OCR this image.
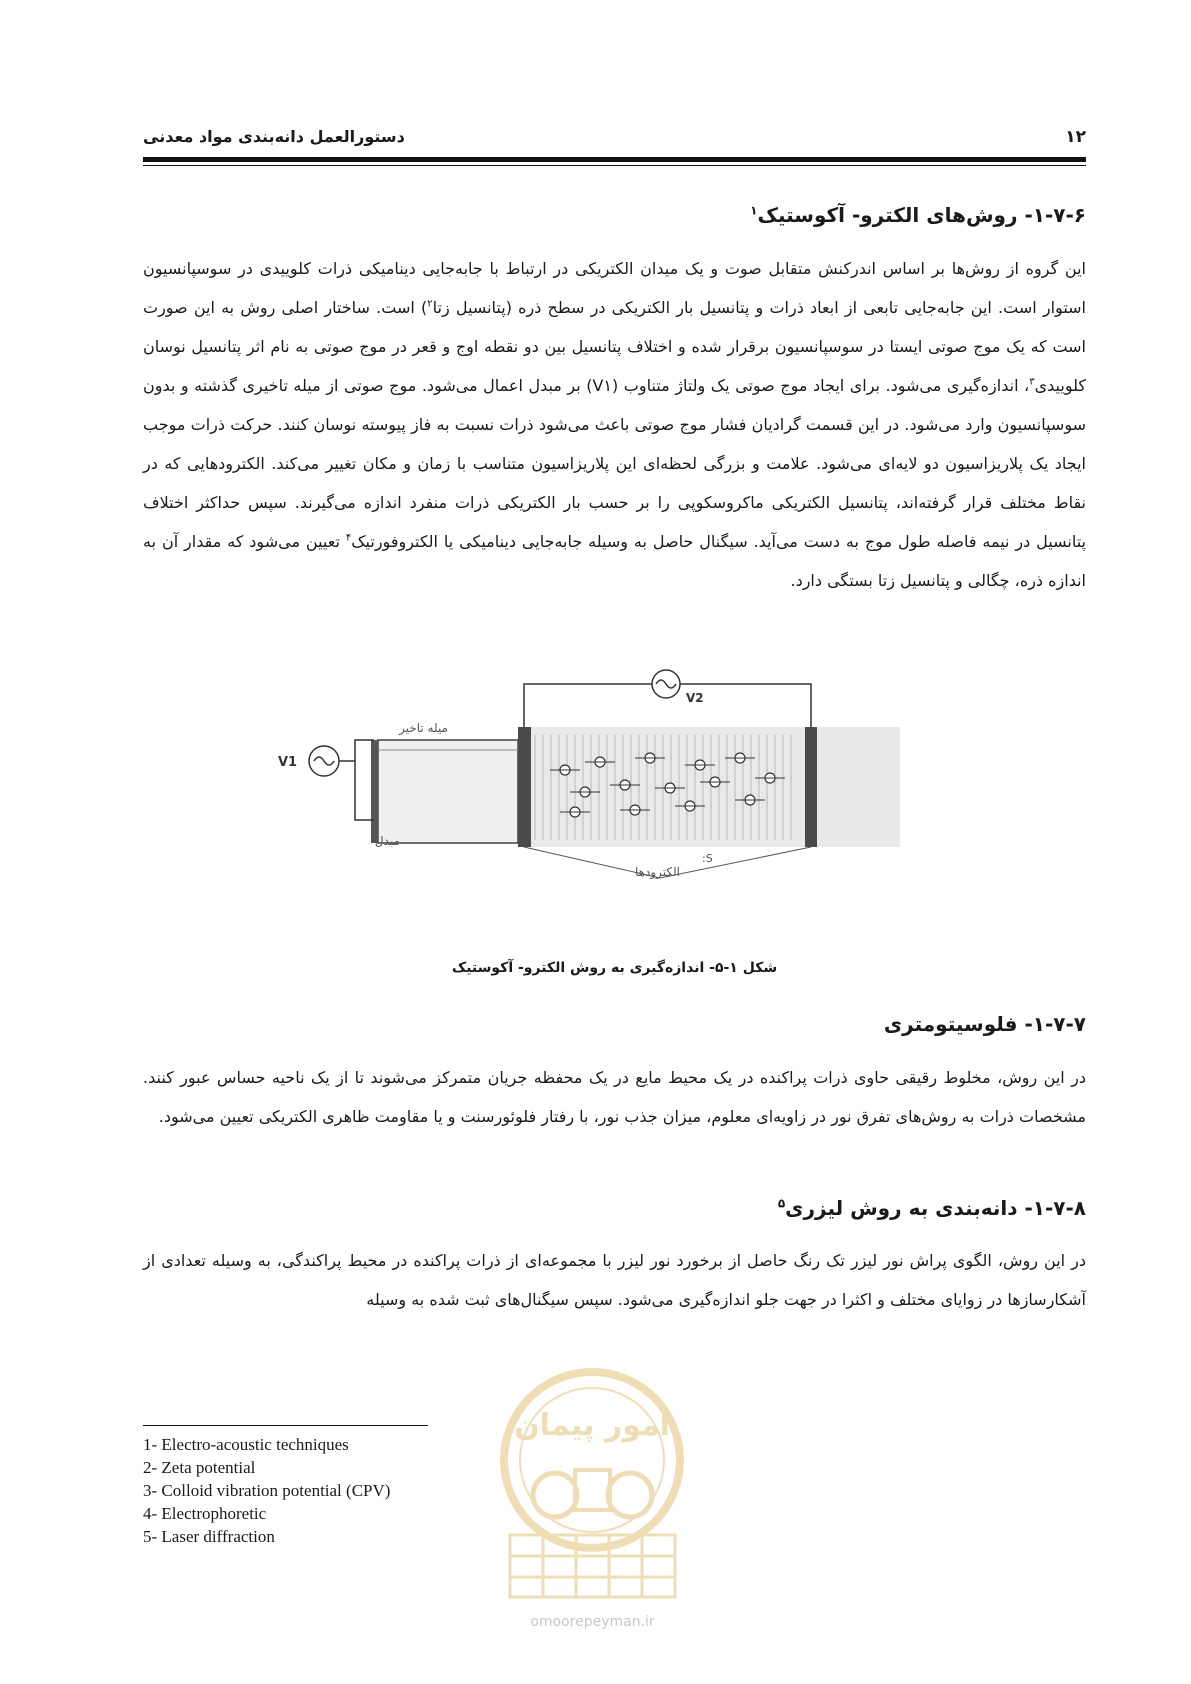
۱۲
دستورالعمل دانه‌بندی مواد معدنی
۱-۷-۶- روش‌های الکترو- آکوستیک$^۱$
این گروه از روش‌ها بر اساس اندرکنش متقابل صوت و یک میدان الکتریکی در ارتباط با جابه‌جایی دینامیکی ذرات کلوییدی در سوسپانسیون استوار است. این جابه‌جایی تابعی از ابعاد ذرات و پتانسیل بار الکتریکی در سطح ذره (پتانسیل زتا$^۲$) است. ساختار اصلی روش به این صورت است که یک موج صوتی ایستا در سوسپانسیون برقرار شده و اختلاف پتانسیل بین دو نقطه اوج و قعر در موج صوتی به نام اثر پتانسیل نوسان کلوییدی$^۳$، اندازه‌گیری می‌شود. برای ایجاد موج صوتی یک ولتاژ متناوب (V۱) بر مبدل اعمال می‌شود. موج صوتی از میله تاخیری گذشته و بدون سوسپانسیون وارد می‌شود. در این قسمت گرادیان فشار موج صوتی باعث می‌شود ذرات نسبت به فاز پیوسته نوسان کنند. حرکت ذرات موجب ایجاد یک پلاریزاسیون دو لایه‌ای می‌شود. علامت و بزرگی لحظه‌ای این پلاریزاسیون متناسب با زمان و مکان تغییر می‌کند. الکترودهایی که در نقاط مختلف قرار گرفته‌اند، پتانسیل الکتریکی ماکروسکوپی را بر حسب بار الکتریکی ذرات منفرد اندازه می‌گیرند. سپس حداکثر اختلاف پتانسیل در نیمه فاصله طول موج به دست می‌آید. سیگنال حاصل به وسیله جابه‌جایی دینامیکی یا الکتروفورتیک$^۴$ تعیین می‌شود که مقدار آن به اندازه ذره، چگالی و پتانسیل زتا بستگی دارد.
V1
V2
میله تاخیر
مبدل
الکترودها
:S
شکل ۱-۵- اندازه‌گیری به روش الکترو- آکوستیک
۱-۷-۷- فلوسیتومتری
در این روش، مخلوط رقیقی حاوی ذرات پراکنده در یک محیط مایع در یک محفظه جریان متمرکز می‌شوند تا از یک ناحیه حساس عبور کنند. مشخصات ذرات به روش‌های تفرق نور در زاویه‌ای معلوم، میزان جذب نور، با رفتار فلوئورسنت و یا مقاومت ظاهری الکتریکی تعیین می‌شود.
۱-۷-۸- دانه‌بندی به روش لیزری$^۵$
در این روش، الگوی پراش نور لیزر تک رنگ حاصل از برخورد نور لیزر با مجموعه‌ای از ذرات پراکنده در محیط پراکندگی، به وسیله تعدادی از آشکارسازها در زوایای مختلف و اکثرا در جهت جلو اندازه‌گیری می‌شود. سپس سیگنال‌های ثبت شده به وسیله
امور پیمان
omoorepeyman.ir
1- Electro-acoustic techniques
2- Zeta potential
3- Colloid vibration potential (CPV)
4- Electrophoretic
5- Laser diffraction
